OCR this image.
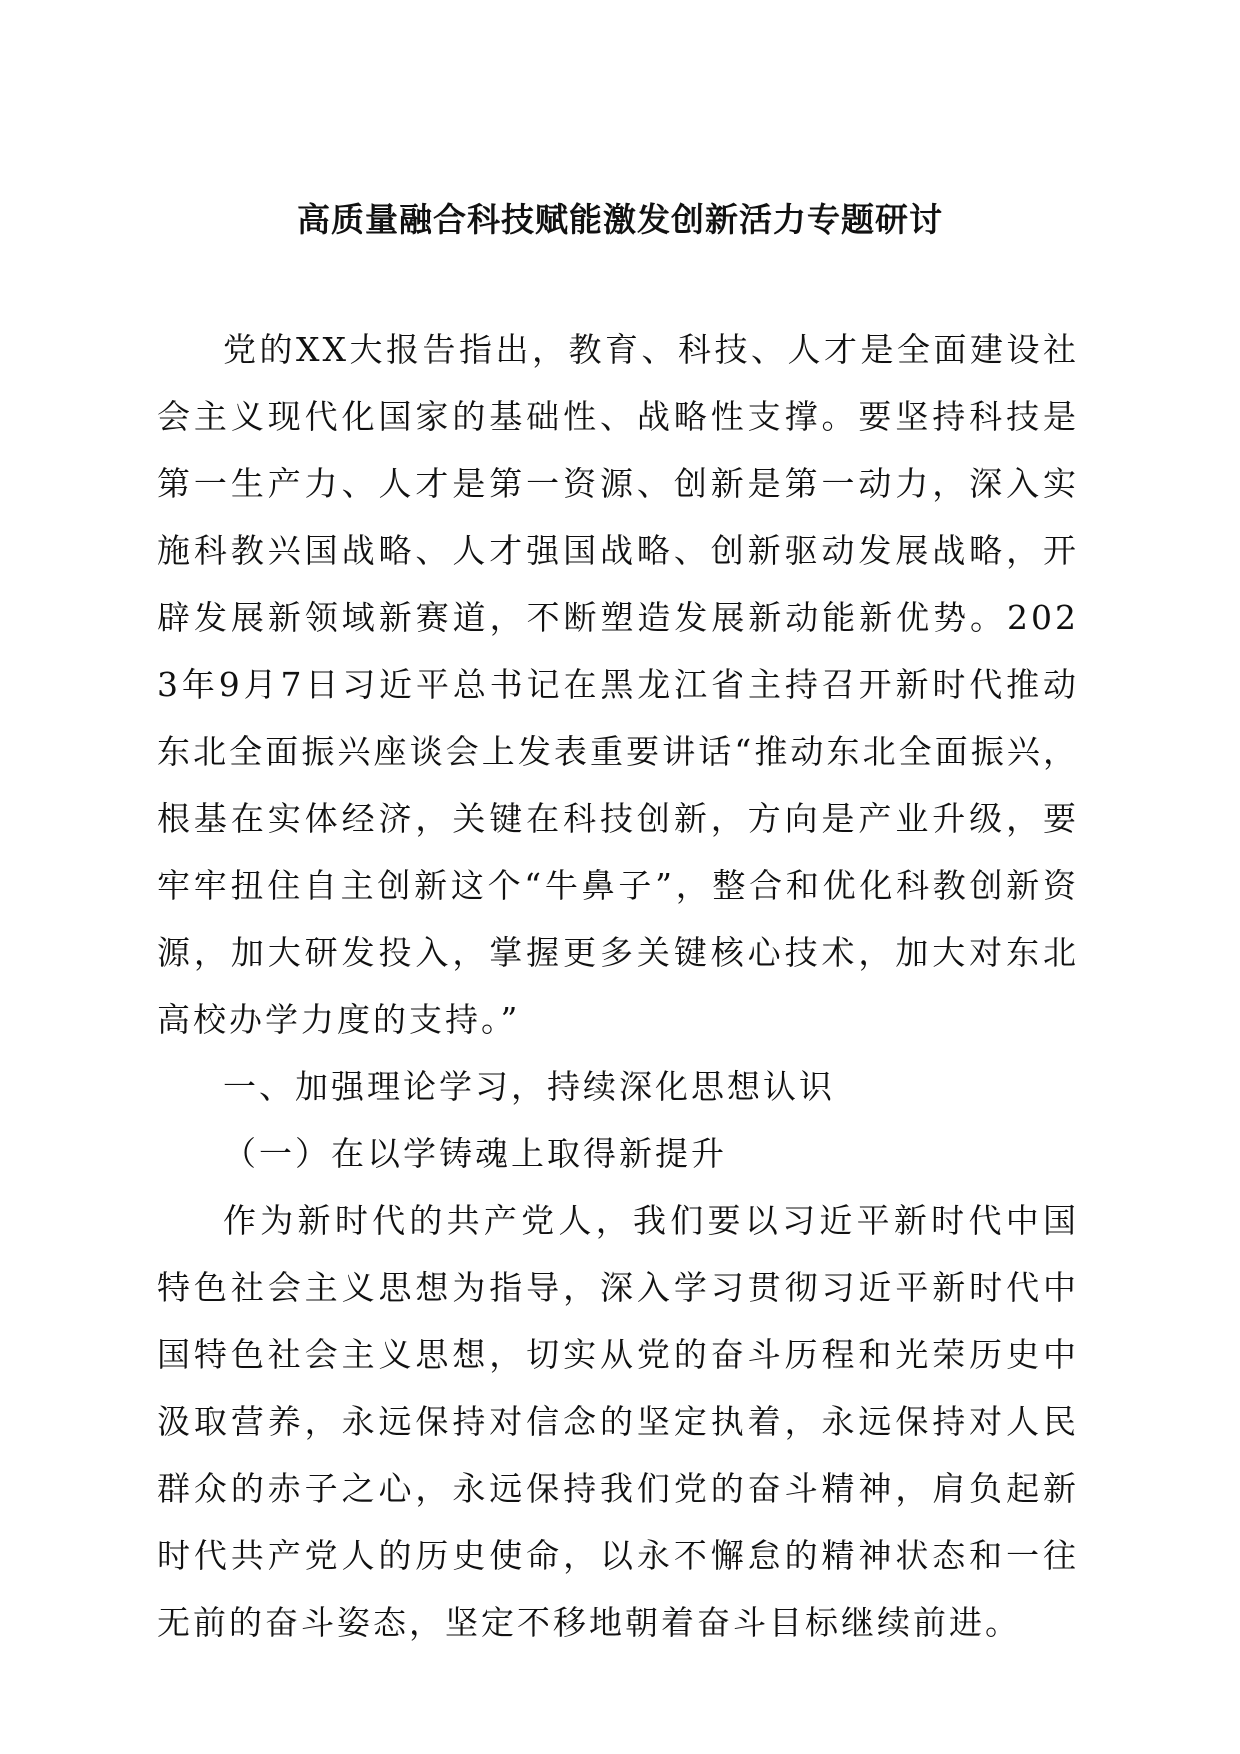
高质量融合科技赋能激发创新活力专题研讨

党的XX大报告指出，教育、科技、人才是全面建设社会主义现代化国家的基础性、战略性支撑。要坚持科技是第一生产力、人才是第一资源、创新是第一动力，深入实施科教兴国战略、人才强国战略、创新驱动发展战略，开辟发展新领域新赛道，不断塑造发展新动能新优势。2023年9月7日习近平总书记在黑龙江省主持召开新时代推动东北全面振兴座谈会上发表重要讲话“推动东北全面振兴，根基在实体经济，关键在科技创新，方向是产业升级，要牢牢扭住自主创新这个“牛鼻子”，整合和优化科教创新资源，加大研发投入，掌握更多关键核心技术，加大对东北高校办学力度的支持。”

一、加强理论学习，持续深化思想认识

（一）在以学铸魂上取得新提升

作为新时代的共产党人，我们要以习近平新时代中国特色社会主义思想为指导，深入学习贯彻习近平新时代中国特色社会主义思想，切实从党的奋斗历程和光荣历史中汲取营养，永远保持对信念的坚定执着，永远保持对人民群众的赤子之心，永远保持我们党的奋斗精神，肩负起新时代共产党人的历史使命，以永不懈怠的精神状态和一往无前的奋斗姿态，坚定不移地朝着奋斗目标继续前进。
